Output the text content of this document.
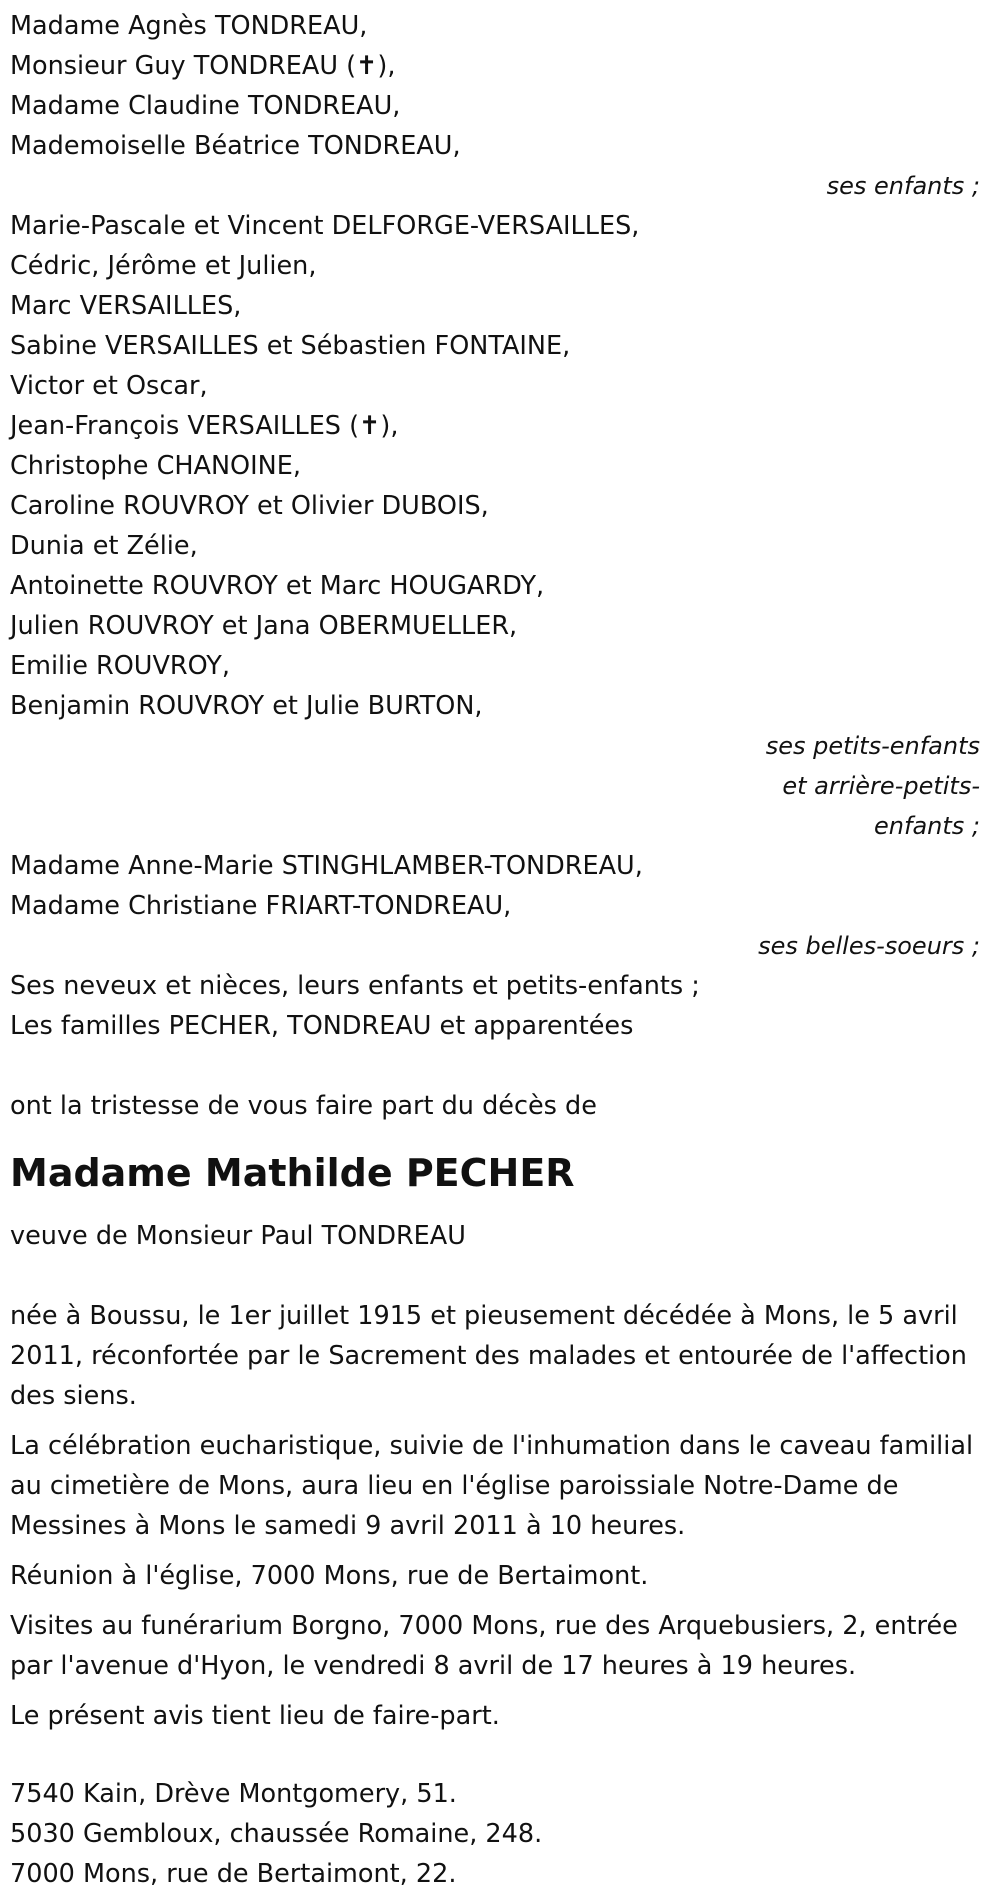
Madame Agnès TONDREAU,
Monsieur Guy TONDREAU (✝),
Madame Claudine TONDREAU,
Mademoiselle Béatrice TONDREAU,
ses enfants ;
Marie-Pascale et Vincent DELFORGE-VERSAILLES,
Cédric, Jérôme et Julien,
Marc VERSAILLES,
Sabine VERSAILLES et Sébastien FONTAINE,
Victor et Oscar,
Jean-François VERSAILLES (✝),
Christophe CHANOINE,
Caroline ROUVROY et Olivier DUBOIS,
Dunia et Zélie,
Antoinette ROUVROY et Marc HOUGARDY,
Julien ROUVROY et Jana OBERMUELLER,
Emilie ROUVROY,
Benjamin ROUVROY et Julie BURTON,
ses petits-enfants
et arrière-petits-
enfants ;
Madame Anne-Marie STINGHLAMBER-TONDREAU,
Madame Christiane FRIART-TONDREAU,
ses belles-soeurs ;
Ses neveux et nièces, leurs enfants et petits-enfants ;
Les familles PECHER, TONDREAU et apparentées
ont la tristesse de vous faire part du décès de
Madame Mathilde PECHER
veuve de Monsieur Paul TONDREAU
née à Boussu, le 1er juillet 1915 et pieusement décédée à Mons, le 5 avril 2011, réconfortée par le Sacrement des malades et entourée de l'affection des siens.
La célébration eucharistique, suivie de l'inhumation dans le caveau familial au cimetière de Mons, aura lieu en l'église paroissiale Notre-Dame de Messines à Mons le samedi 9 avril 2011 à 10 heures.
Réunion à l'église, 7000 Mons, rue de Bertaimont.
Visites au funérarium Borgno, 7000 Mons, rue des Arquebusiers, 2, entrée par l'avenue d'Hyon, le vendredi 8 avril de 17 heures à 19 heures.
Le présent avis tient lieu de faire-part.
7540 Kain, Drève Montgomery, 51.
5030 Gembloux, chaussée Romaine, 248.
7000 Mons, rue de Bertaimont, 22.
